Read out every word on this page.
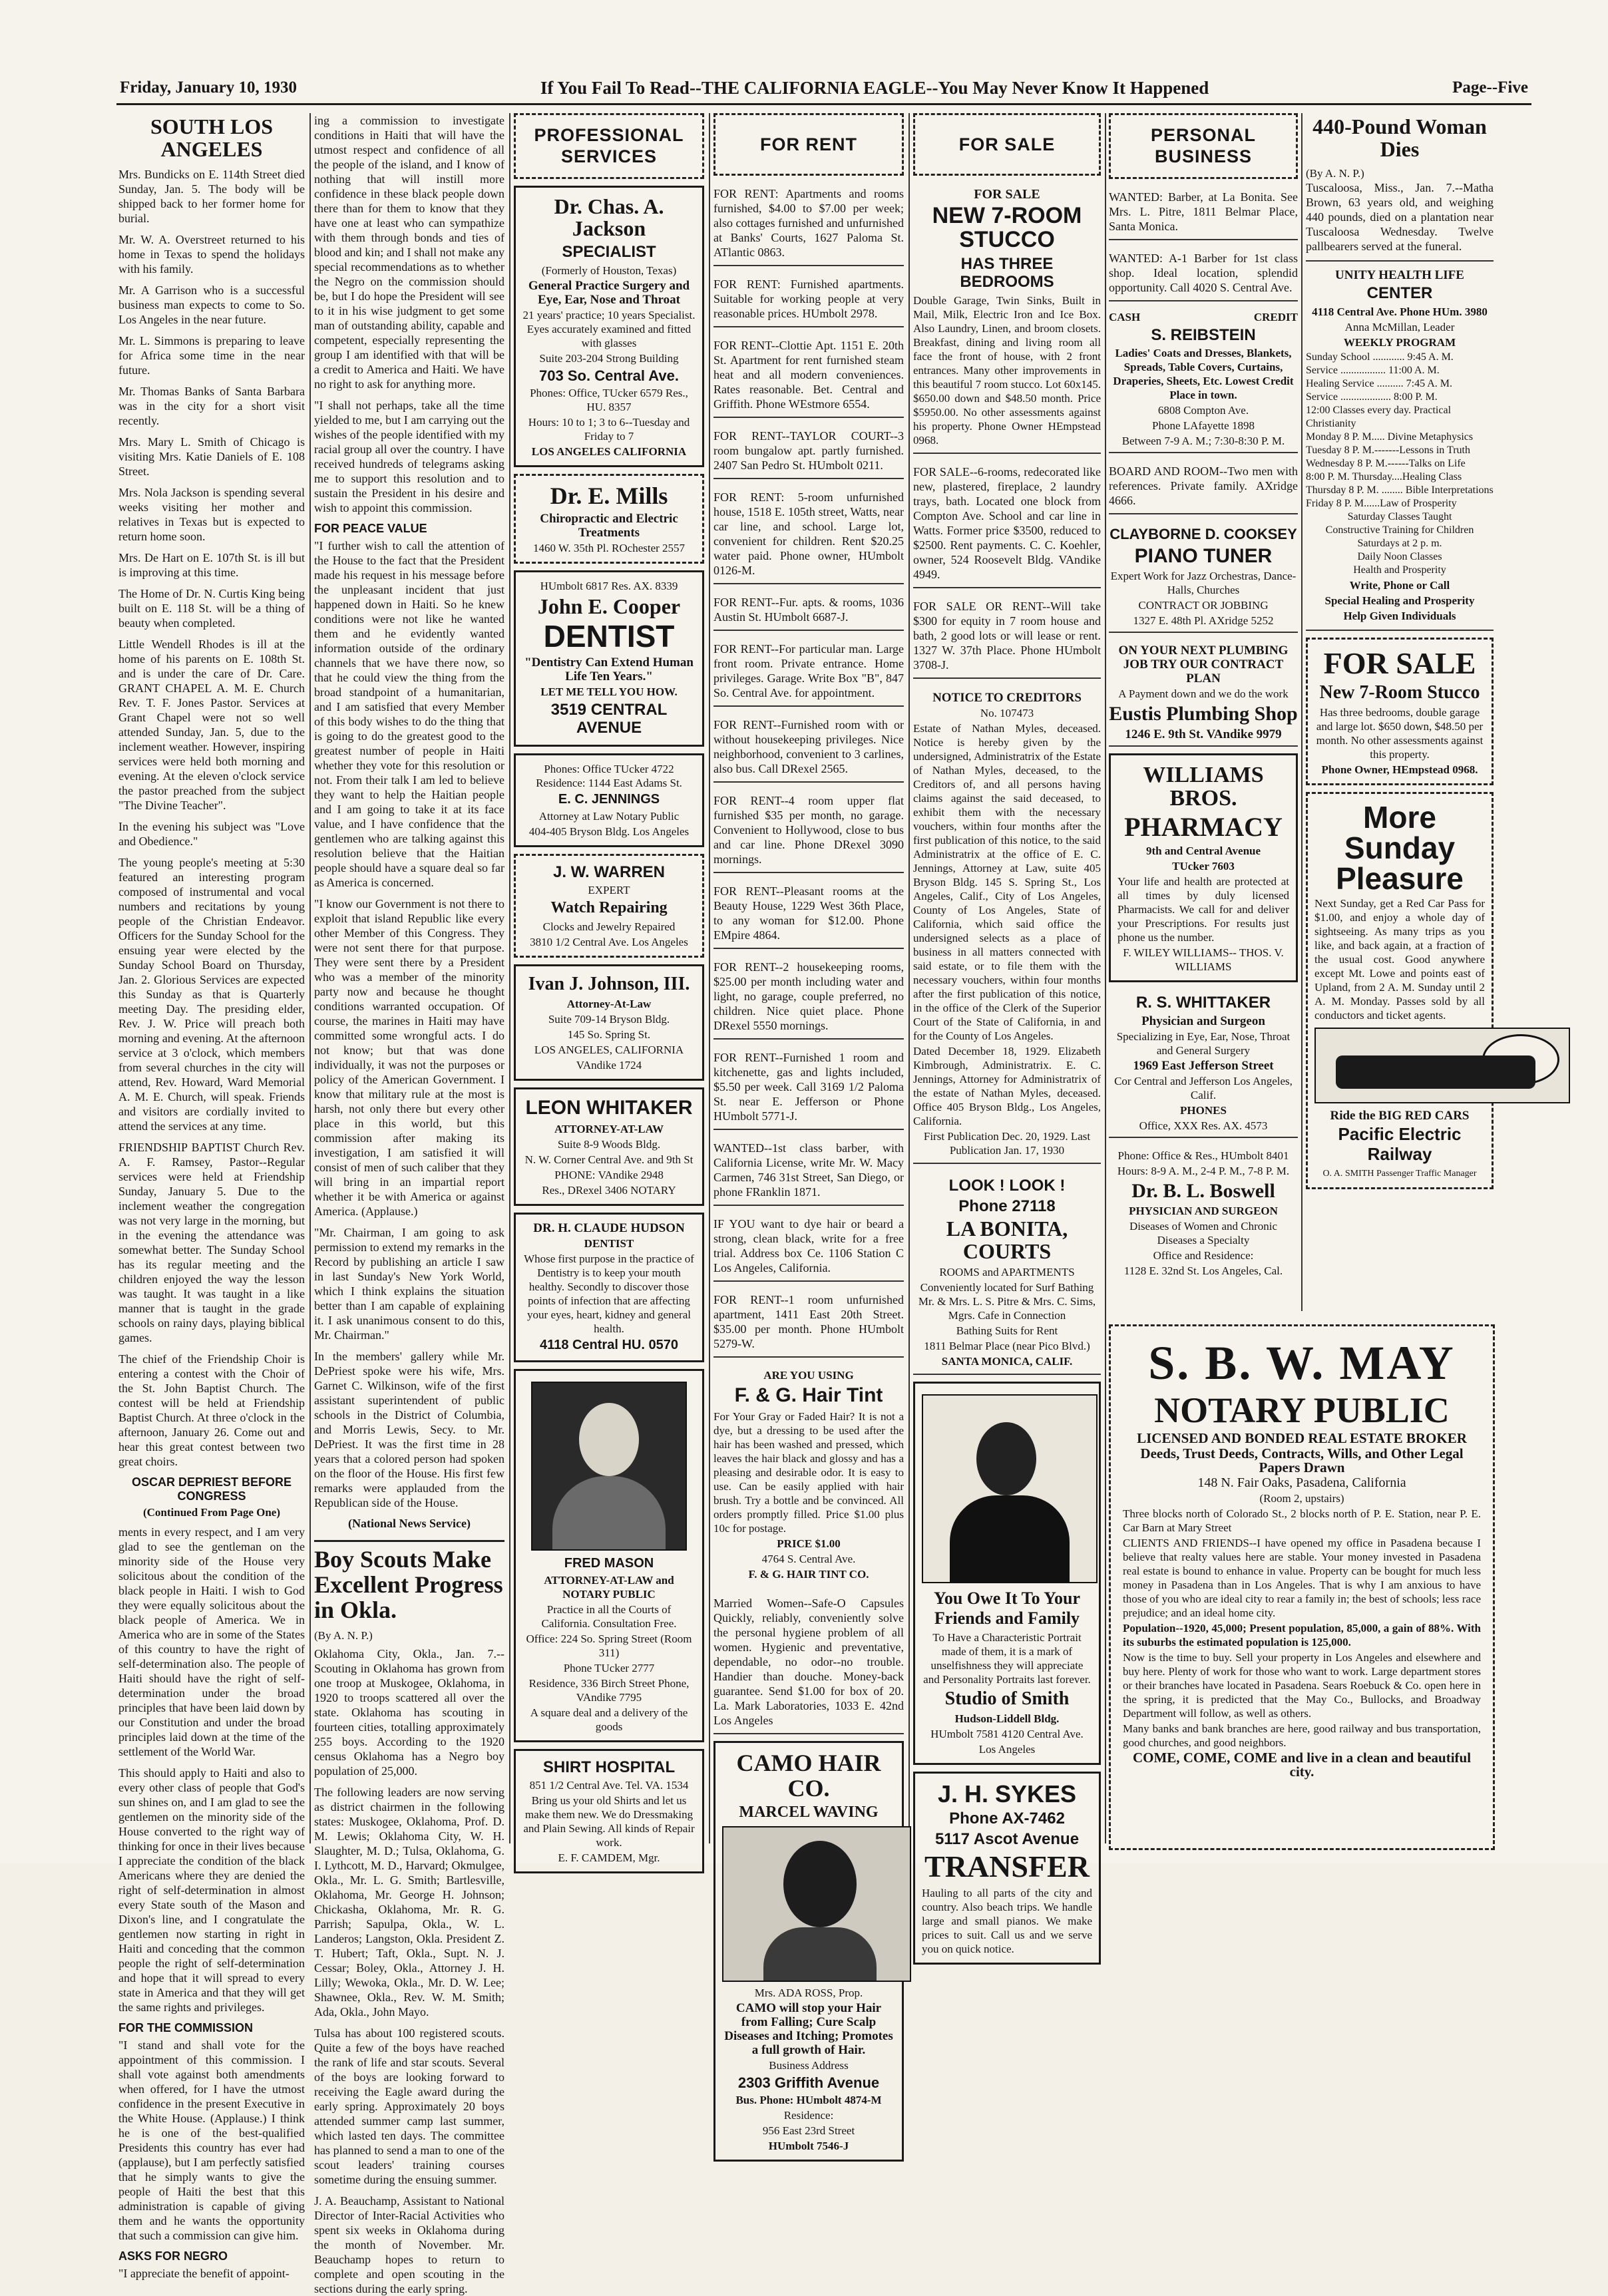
Friday, January 10, 1930	If You Fail To Read--THE CALIFORNIA EAGLE--You May Never Know It Happened	Page--Five
SOUTH LOS ANGELES

Mrs. Bundicks on E. 114th Street died Sunday, Jan. 5. The body will be shipped back to her former home for burial.

Mr. W. A. Overstreet returned to his home in Texas to spend the holidays with his family.

Mr. A Garrison who is a successful business man expects to come to So. Los Angeles in the near future.

Mr. L. Simmons is preparing to leave for Africa some time in the near future.

Mr. Thomas Banks of Santa Barbara was in the city for a short visit recently.

Mrs. Mary L. Smith of Chicago is visiting Mrs. Katie Daniels of E. 108 Street.

Mrs. Nola Jackson is spending several weeks visiting her mother and relatives in Texas but is expected to return home soon.

Mrs. De Hart on E. 107th St. is ill but is improving at this time.

The Home of Dr. N. Curtis King being built on E. 118 St. will be a thing of beauty when completed.

Little Wendell Rhodes is ill at the home of his parents on E. 108th St. and is under the care of Dr. Care. GRANT CHAPEL A. M. E. Church Rev. T. F. Jones Pastor. Services at Grant Chapel were not so well attended Sunday, Jan. 5, due to the inclement weather. However, inspiring services were held both morning and evening. At the eleven o'clock service the pastor preached from the subject "The Divine Teacher".

In the evening his subject was "Love and Obedience."

The young people's meeting at 5:30 featured an interesting program composed of instrumental and vocal numbers and recitations by young people of the Christian Endeavor. Officers for the Sunday School for the ensuing year were elected by the Sunday School Board on Thursday, Jan. 2. Glorious Services are expected this Sunday as that is Quarterly meeting Day. The presiding elder, Rev. J. W. Price will preach both morning and evening. At the afternoon service at 3 o'clock, which members from several churches in the city will attend, Rev. Howard, Ward Memorial A. M. E. Church, will speak. Friends and visitors are cordially invited to attend the services at any time.

FRIENDSHIP BAPTIST Church Rev. A. F. Ramsey, Pastor--Regular services were held at Friendship Sunday, January 5. Due to the inclement weather the congregation was not very large in the morning, but in the evening the attendance was somewhat better. The Sunday School has its regular meeting and the children enjoyed the way the lesson was taught. It was taught in a like manner that is taught in the grade schools on rainy days, playing biblical games.

The chief of the Friendship Choir is entering a contest with the Choir of the St. John Baptist Church. The contest will be held at Friendship Baptist Church. At three o'clock in the afternoon, January 26. Come out and hear this great contest between two great choirs.

OSCAR DEPRIEST BEFORE CONGRESS
(Continued From Page One)

ments in every respect, and I am very glad to see the gentleman on the minority side of the House very solicitous about the condition of the black people in Haiti. I wish to God they were equally solicitous about the black people of America. We in America who are in some of the States of this country to have the right of self-determination also. The people of Haiti should have the right of self-determination under the broad principles that have been laid down by our Constitution and under the broad principles laid down at the time of the settlement of the World War.

This should apply to Haiti and also to every other class of people that God's sun shines on, and I am glad to see the gentlemen on the minority side of the House converted to the right way of thinking for once in their lives because I appreciate the condition of the black Americans where they are denied the right of self-determination in almost every State south of the Mason and Dixon's line, and I congratulate the gentlemen now starting in right in Haiti and conceding that the common people the right of self-determination and hope that it will spread to every state in America and that they will get the same rights and privileges.

FOR THE COMMISSION

"I stand and shall vote for the appointment of this commission. I shall vote against both amendments when offered, for I have the utmost confidence in the present Executive in the White House. (Applause.) I think he is one of the best-qualified Presidents this country has ever had (applause), but I am perfectly satisfied that he simply wants to give the people of Haiti the best that this administration is capable of giving them and he wants the opportunity that such a commission can give him.

ASKS FOR NEGRO

"I appreciate the benefit of appoint-

ing a commission to investigate conditions in Haiti that will have the utmost respect and confidence of all the people of the island, and I know of nothing that will instill more confidence in these black people down there than for them to know that they have one at least who can sympathize with them through bonds and ties of blood and kin; and I shall not make any special recommendations as to whether the Negro on the commission should be, but I do hope the President will see to it in his wise judgment to get some man of outstanding ability, capable and competent, especially representing the group I am identified with that will be a credit to America and Haiti. We have no right to ask for anything more.

"I shall not perhaps, take all the time yielded to me, but I am carrying out the wishes of the people identified with my racial group all over the country. I have received hundreds of telegrams asking me to support this resolution and to sustain the President in his desire and wish to appoint this commission.

FOR PEACE VALUE

"I further wish to call the attention of the House to the fact that the President made his request in his message before the unpleasant incident that just happened down in Haiti. So he knew conditions were not like he wanted them and he evidently wanted information outside of the ordinary channels that we have there now, so that he could view the thing from the broad standpoint of a humanitarian, and I am satisfied that every Member of this body wishes to do the thing that is going to do the greatest good to the greatest number of people in Haiti whether they vote for this resolution or not. From their talk I am led to believe they want to help the Haitian people and I am going to take it at its face value, and I have confidence that the gentlemen who are talking against this resolution believe that the Haitian people should have a square deal so far as America is concerned.

"I know our Government is not there to exploit that island Republic like every other Member of this Congress. They were not sent there for that purpose. They were sent there by a President who was a member of the minority party now and because he thought conditions warranted occupation. Of course, the marines in Haiti may have committed some wrongful acts. I do not know; but that was done individually, it was not the purposes or policy of the American Government. I know that military rule at the most is harsh, not only there but every other place in this world, but this commission after making its investigation, I am satisfied it will consist of men of such caliber that they will bring in an impartial report whether it be with America or against America. (Applause.)

"Mr. Chairman, I am going to ask permission to extend my remarks in the Record by publishing an article I saw in last Sunday's New York World, which I think explains the situation better than I am capable of explaining it. I ask unanimous consent to do this, Mr. Chairman."

In the members' gallery while Mr. DePriest spoke were his wife, Mrs. Garnet C. Wilkinson, wife of the first assistant superintendent of public schools in the District of Columbia, and Morris Lewis, Secy. to Mr. DePriest. It was the first time in 28 years that a colored person had spoken on the floor of the House. His first few remarks were applauded from the Republican side of the House.

(National News Service)
Boy Scouts Make Excellent Progress in Okla.
(By A. N. P.)

Oklahoma City, Okla., Jan. 7.--Scouting in Oklahoma has grown from one troop at Muskogee, Oklahoma, in 1920 to troops scattered all over the state. Oklahoma has scouting in fourteen cities, totalling approximately 255 boys. According to the 1920 census Oklahoma has a Negro boy population of 25,000.

The following leaders are now serving as district chairmen in the following states: Muskogee, Oklahoma, Prof. D. M. Lewis; Oklahoma City, W. H. Slaughter, M. D.; Tulsa, Oklahoma, G. I. Lythcott, M. D., Harvard; Okmulgee, Okla., Mr. L. G. Smith; Bartlesville, Oklahoma, Mr. George H. Johnson; Chickasha, Oklahoma, Mr. R. G. Parrish; Sapulpa, Okla., W. L. Landeros; Langston, Okla. President Z. T. Hubert; Taft, Okla., Supt. N. J. Cessar; Boley, Okla., Attorney J. H. Lilly; Wewoka, Okla., Mr. D. W. Lee; Shawnee, Okla., Rev. W. M. Smith; Ada, Okla., John Mayo.

Tulsa has about 100 registered scouts. Quite a few of the boys have reached the rank of life and star scouts. Several of the boys are looking forward to receiving the Eagle award during the early spring. Approximately 20 boys attended summer camp last summer, which lasted ten days. The committee has planned to send a man to one of the scout leaders' training courses sometime during the ensuing summer.

J. A. Beauchamp, Assistant to National Director of Inter-Racial Activities who spent six weeks in Oklahoma during the month of November. Mr. Beauchamp hopes to return to complete and open scouting in the sections during the early spring.

PROFESSIONAL SERVICES
Dr. Chas. A. Jackson
SPECIALIST
(Formerly of Houston, Texas)
General Practice Surgery and Eye, Ear, Nose and Throat
21 years' practice; 10 years Specialist. Eyes accurately examined and fitted with glasses
Suite 203-204 Strong Building
703 So. Central Ave.
Phones: Office, TUcker 6579 Res., HU. 8357
Hours: 10 to 1; 3 to 6--Tuesday and Friday to 7
LOS ANGELES CALIFORNIA
Dr. E. Mills
Chiropractic and Electric Treatments
1460 W. 35th Pl. ROchester 2557
HUmbolt 6817 Res. AX. 8339
John E. Cooper
DENTIST
"Dentistry Can Extend Human Life Ten Years."
LET ME TELL YOU HOW.
3519 CENTRAL AVENUE
Phones: Office TUcker 4722 Residence: 1144 East Adams St.
E. C. JENNINGS
Attorney at Law Notary Public
404-405 Bryson Bldg. Los Angeles
J. W. WARREN
EXPERT
Watch Repairing
Clocks and Jewelry Repaired
3810 1/2 Central Ave. Los Angeles
Ivan J. Johnson, III.
Attorney-At-Law
Suite 709-14 Bryson Bldg.
145 So. Spring St.
LOS ANGELES, CALIFORNIA
VAndike 1724
LEON WHITAKER
ATTORNEY-AT-LAW
Suite 8-9 Woods Bldg.
N. W. Corner Central Ave. and 9th St
PHONE: VAndike 2948
Res., DRexel 3406 NOTARY
DR. H. CLAUDE HUDSON
DENTIST
Whose first purpose in the practice of Dentistry is to keep your mouth healthy. Secondly to discover those points of infection that are affecting your eyes, heart, kidney and general health.
4118 Central HU. 0570
FRED MASON
ATTORNEY-AT-LAW and NOTARY PUBLIC
Practice in all the Courts of California. Consultation Free.
Office: 224 So. Spring Street (Room 311)
Phone TUcker 2777
Residence, 336 Birch Street Phone, VAndike 7795
A square deal and a delivery of the goods
SHIRT HOSPITAL
851 1/2 Central Ave. Tel. VA. 1534
Bring us your old Shirts and let us make them new. We do Dressmaking and Plain Sewing. All kinds of Repair work.
E. F. CAMDEM, Mgr.
FOR RENT

FOR RENT: Apartments and rooms furnished, $4.00 to $7.00 per week; also cottages furnished and unfurnished at Banks' Courts, 1627 Paloma St. ATlantic 0863.

FOR RENT: Furnished apartments. Suitable for working people at very reasonable prices. HUmbolt 2978.

FOR RENT--Clottie Apt. 1151 E. 20th St. Apartment for rent furnished steam heat and all modern conveniences. Rates reasonable. Bet. Central and Griffith. Phone WEstmore 6554.

FOR RENT--TAYLOR COURT--3 room bungalow apt. partly furnished. 2407 San Pedro St. HUmbolt 0211.

FOR RENT: 5-room unfurnished house, 1518 E. 105th street, Watts, near car line, and school. Large lot, convenient for children. Rent $20.25 water paid. Phone owner, HUmbolt 0126-M.

FOR RENT--Fur. apts. & rooms, 1036 Austin St. HUmbolt 6687-J.

FOR RENT--For particular man. Large front room. Private entrance. Home privileges. Garage. Write Box "B", 847 So. Central Ave. for appointment.

FOR RENT--Furnished room with or without housekeeping privileges. Nice neighborhood, convenient to 3 carlines, also bus. Call DRexel 2565.

FOR RENT--4 room upper flat furnished $35 per month, no garage. Convenient to Hollywood, close to bus and car line. Phone DRexel 3090 mornings.

FOR RENT--Pleasant rooms at the Beauty House, 1229 West 36th Place, to any woman for $12.00. Phone EMpire 4864.

FOR RENT--2 housekeeping rooms, $25.00 per month including water and light, no garage, couple preferred, no children. Nice quiet place. Phone DRexel 5550 mornings.

FOR RENT--Furnished 1 room and kitchenette, gas and lights included, $5.50 per week. Call 3169 1/2 Paloma St. near E. Jefferson or Phone HUmbolt 5771-J.

WANTED--1st class barber, with California License, write Mr. W. Macy Carmen, 746 31st Street, San Diego, or phone FRanklin 1871.

IF YOU want to dye hair or beard a strong, clean black, write for a free trial. Address box Ce. 1106 Station C Los Angeles, California.

FOR RENT--1 room unfurnished apartment, 1411 East 20th Street. $35.00 per month. Phone HUmbolt 5279-W.

ARE YOU USING
F. & G. Hair Tint
For Your Gray or Faded Hair? It is not a dye, but a dressing to be used after the hair has been washed and pressed, which leaves the hair black and glossy and has a pleasing and desirable odor. It is easy to use. Can be easily applied with hair brush. Try a bottle and be convinced. All orders promptly filled. Price $1.00 plus 10c for postage.
PRICE $1.00
4764 S. Central Ave.
F. & G. HAIR TINT CO.

Married Women--Safe-O Capsules Quickly, reliably, conveniently solve the personal hygiene problem of all women. Hygienic and preventative, dependable, no odor--no trouble. Handier than douche. Money-back guarantee. Send $1.00 for box of 20. La. Mark Laboratories, 1033 E. 42nd Los Angeles

CAMO HAIR CO.
MARCEL WAVING
Mrs. ADA ROSS, Prop.
CAMO will stop your Hair from Falling; Cure Scalp Diseases and Itching; Promotes a full growth of Hair.
Business Address
2303 Griffith Avenue
Bus. Phone: HUmbolt 4874-M
Residence:
956 East 23rd Street
HUmbolt 7546-J
FOR SALE
FOR SALE
NEW 7-ROOM STUCCO
HAS THREE BEDROOMS
Double Garage, Twin Sinks, Built in Mail, Milk, Electric Iron and Ice Box. Also Laundry, Linen, and broom closets. Breakfast, dining and living room all face the front of house, with 2 front entrances. Many other improvements in this beautiful 7 room stucco. Lot 60x145. $650.00 down and $48.50 month. Price $5950.00. No other assessments against his property. Phone Owner HEmpstead 0968.

FOR SALE--6-rooms, redecorated like new, plastered, fireplace, 2 laundry trays, bath. Located one block from Compton Ave. School and car line in Watts. Former price $3500, reduced to $2500. Rent payments. C. C. Koehler, owner, 524 Roosevelt Bldg. VAndike 4949.

FOR SALE OR RENT--Will take $300 for equity in 7 room house and bath, 2 good lots or will lease or rent. 1327 W. 37th Place. Phone HUmbolt 3708-J.

NOTICE TO CREDITORS
No. 107473
Estate of Nathan Myles, deceased. Notice is hereby given by the undersigned, Administratrix of the Estate of Nathan Myles, deceased, to the Creditors of, and all persons having claims against the said deceased, to exhibit them with the necessary vouchers, within four months after the first publication of this notice, to the said Administratrix at the office of E. C. Jennings, Attorney at Law, suite 405 Bryson Bldg. 145 S. Spring St., Los Angeles, Calif., City of Los Angeles, County of Los Angeles, State of California, which said office the undersigned selects as a place of business in all matters connected with said estate, or to file them with the necessary vouchers, within four months after the first publication of this notice, in the office of the Clerk of the Superior Court of the State of California, in and for the County of Los Angeles.
Dated December 18, 1929. Elizabeth Kimbrough, Administratrix. E. C. Jennings, Attorney for Administratrix of the estate of Nathan Myles, deceased. Office 405 Bryson Bldg., Los Angeles, California.
First Publication Dec. 20, 1929. Last Publication Jan. 17, 1930
LOOK ! LOOK !
Phone 27118
LA BONITA, COURTS
ROOMS and APARTMENTS
Conveniently located for Surf Bathing Mr. & Mrs. L. S. Pitre & Mrs. C. Sims, Mgrs. Cafe in Connection
Bathing Suits for Rent
1811 Belmar Place (near Pico Blvd.)
SANTA MONICA, CALIF.
You Owe It To Your Friends and Family
To Have a Characteristic Portrait made of them, it is a mark of unselfishness they will appreciate and Personality Portraits last forever.
Studio of Smith
Hudson-Liddell Bldg.
HUmbolt 7581 4120 Central Ave.
Los Angeles
J. H. SYKES
Phone AX-7462
5117 Ascot Avenue
TRANSFER
Hauling to all parts of the city and country. Also beach trips. We handle large and small pianos. We make prices to suit. Call us and we serve you on quick notice.
PERSONAL BUSINESS

WANTED: Barber, at La Bonita. See Mrs. L. Pitre, 1811 Belmar Place, Santa Monica.

WANTED: A-1 Barber for 1st class shop. Ideal location, splendid opportunity. Call 4020 S. Central Ave.

CASH	CREDIT
S. REIBSTEIN
Ladies' Coats and Dresses, Blankets, Spreads, Table Covers, Curtains, Draperies, Sheets, Etc. Lowest Credit Place in town.
6808 Compton Ave.
Phone LAfayette 1898
Between 7-9 A. M.; 7:30-8:30 P. M.

BOARD AND ROOM--Two men with references. Private family. AXridge 4666.

CLAYBORNE D. COOKSEY
PIANO TUNER
Expert Work for Jazz Orchestras, Dance-Halls, Churches
CONTRACT OR JOBBING
1327 E. 48th Pl. AXridge 5252
ON YOUR NEXT PLUMBING JOB TRY OUR CONTRACT PLAN
A Payment down and we do the work
Eustis Plumbing Shop
1246 E. 9th St. VAndike 9979
WILLIAMS BROS.
PHARMACY
9th and Central Avenue
TUcker 7603
Your life and health are protected at all times by duly licensed Pharmacists. We call for and deliver your Prescriptions. For results just phone us the number.
F. WILEY WILLIAMS-- THOS. V. WILLIAMS
R. S. WHITTAKER
Physician and Surgeon
Specializing in Eye, Ear, Nose, Throat and General Surgery
1969 East Jefferson Street
Cor Central and Jefferson Los Angeles, Calif.
PHONES
Office, XXX Res. AX. 4573
Phone: Office & Res., HUmbolt 8401
Hours: 8-9 A. M., 2-4 P. M., 7-8 P. M.
Dr. B. L. Boswell
PHYSICIAN AND SURGEON
Diseases of Women and Chronic Diseases a Specialty
Office and Residence:
1128 E. 32nd St. Los Angeles, Cal.
440-Pound Woman Dies
(By A. N. P.)

Tuscaloosa, Miss., Jan. 7.--Matha Brown, 63 years old, and weighing 440 pounds, died on a plantation near Tuscaloosa Wednesday. Twelve pallbearers served at the funeral.

UNITY HEALTH LIFE
CENTER
4118 Central Ave. Phone HUm. 3980
Anna McMillan, Leader
WEEKLY PROGRAM
Sunday School ............ 9:45 A. M.
Service ................. 11:00 A. M.
Healing Service .......... 7:45 A. M.
Service ................... 8:00 P. M.
12:00 Classes every day. Practical Christianity
Monday 8 P. M..... Divine Metaphysics
Tuesday 8 P. M.-------Lessons in Truth
Wednesday 8 P. M.------Talks on Life
8:00 P. M. Thursday....Healing Class
Thursday 8 P. M. ........ Bible Interpretations
Friday 8 P. M......Law of Prosperity
Saturday Classes Taught
Constructive Training for Children
Saturdays at 2 p. m.
Daily Noon Classes
Health and Prosperity
Write, Phone or Call
Special Healing and Prosperity
Help Given Individuals
FOR SALE
New 7-Room Stucco
Has three bedrooms, double garage and large lot. $650 down, $48.50 per month. No other assessments against this property.
Phone Owner, HEmpstead 0968.
More Sunday Pleasure
Next Sunday, get a Red Car Pass for $1.00, and enjoy a whole day of sightseeing. As many trips as you like, and back again, at a fraction of the usual cost. Good anywhere except Mt. Lowe and points east of Upland, from 2 A. M. Sunday until 2 A. M. Monday. Passes sold by all conductors and ticket agents.
Ride the BIG RED CARS
Pacific Electric Railway
O. A. SMITH Passenger Traffic Manager
S. B. W. MAY
NOTARY PUBLIC
LICENSED AND BONDED REAL ESTATE BROKER
Deeds, Trust Deeds, Contracts, Wills, and Other Legal Papers Drawn
148 N. Fair Oaks, Pasadena, California
(Room 2, upstairs)
Three blocks north of Colorado St., 2 blocks north of P. E. Station, near P. E. Car Barn at Mary Street
CLIENTS AND FRIENDS--I have opened my office in Pasadena because I believe that realty values here are stable. Your money invested in Pasadena real estate is bound to enhance in value. Property can be bought for much less money in Pasadena than in Los Angeles. That is why I am anxious to have those of you who are ideal city to rear a family in; the best of schools; less race prejudice; and an ideal home city.
Population--1920, 45,000; Present population, 85,000, a gain of 88%. With its suburbs the estimated population is 125,000.
Now is the time to buy. Sell your property in Los Angeles and elsewhere and buy here. Plenty of work for those who want to work. Large department stores or their branches have located in Pasadena. Sears Roebuck & Co. open here in the spring, it is predicted that the May Co., Bullocks, and Broadway Department will follow, as well as others.
Many banks and bank branches are here, good railway and bus transportation, good churches, and good neighbors.
COME, COME, COME and live in a clean and beautiful city.
